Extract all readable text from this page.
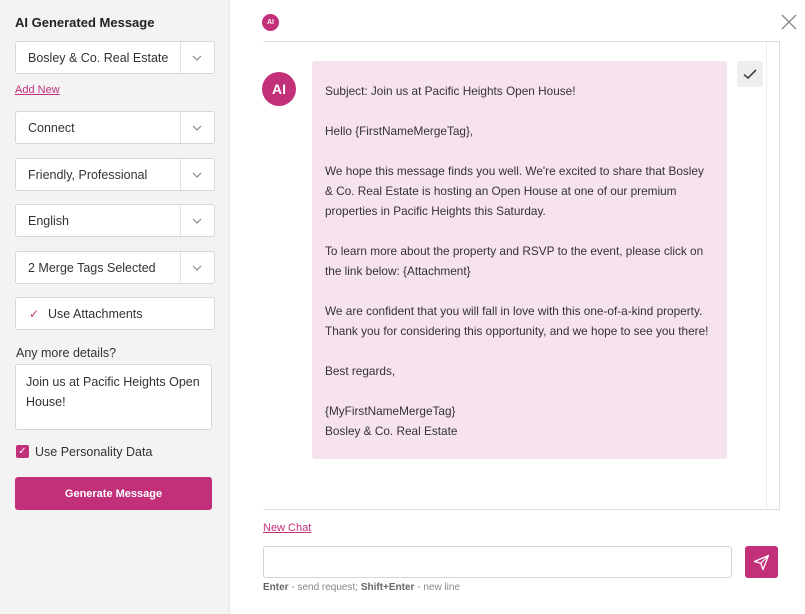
AI Generated Message
Bosley & Co. Real Estate
Add New
Connect
Friendly, Professional
English
2 Merge Tags Selected
✓ Use Attachments
Any more details?
Join us at Pacific Heights Open House!
✓ Use Personality Data
Generate Message
AI
AI	Subject: Join us at Pacific Heights Open House!

Hello {FirstNameMergeTag},

We hope this message finds you well. We're excited to share that Bosley & Co. Real Estate is hosting an Open House at one of our premium properties in Pacific Heights this Saturday.

To learn more about the property and RSVP to the event, please click on the link below: {Attachment}

We are confident that you will fall in love with this one-of-a-kind property. Thank you for considering this opportunity, and we hope to see you there!

Best regards,

{MyFirstNameMergeTag}
Bosley & Co. Real Estate
New Chat
Enter - send request; Shift+Enter - new line
